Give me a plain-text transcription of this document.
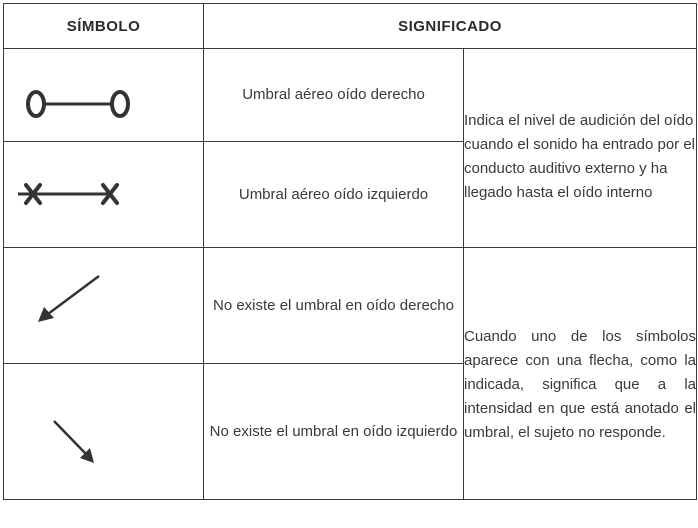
SÍMBOLO	SIGNIFICADO	

	Umbral aéreo oído derecho	Indica el nivel de audición del oído cuando el sonido ha entrado por el conducto auditivo externo y ha llegado hasta el oído interno

	Umbral aéreo oído izquierdo	

	No existe el umbral en oído derecho	Cuando uno de los símbolos aparece con una flecha, como la indicada, significa que a la intensidad en que está anotado el umbral, el sujeto no responde.

	No existe el umbral en oído izquierdo	
